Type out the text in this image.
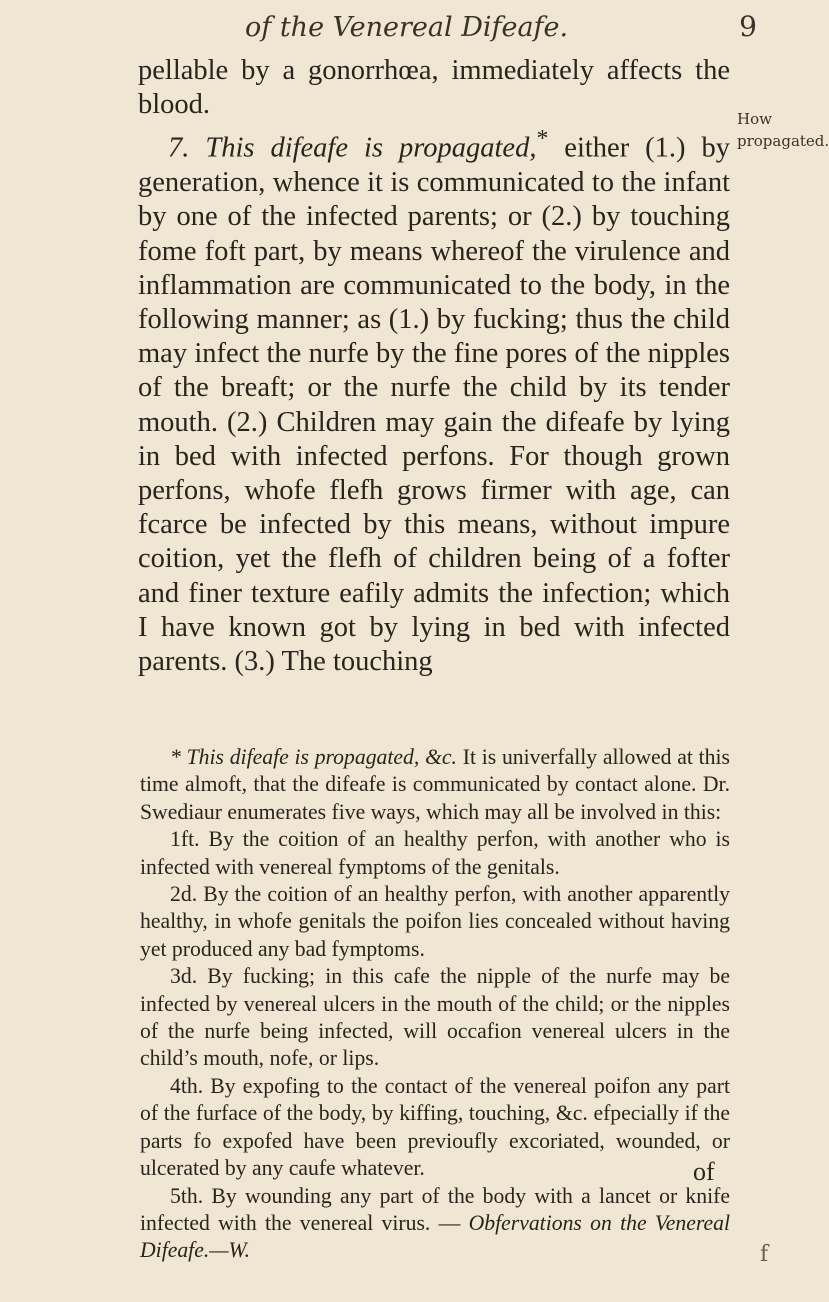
of the Venereal Difeafe.	9
How propagated.

pellable by a gonorrhœa, immediately affects the blood.

7. This difeafe is propagated,* either (1.) by generation, whence it is communicated to the infant by one of the infected parents; or (2.) by touching fome foft part, by means whereof the virulence and inflammation are communicated to the body, in the following manner; as (1.) by fucking; thus the child may infect the nurfe by the fine pores of the nipples of the breaft; or the nurfe the child by its tender mouth. (2.) Children may gain the difeafe by lying in bed with infected perfons. For though grown perfons, whofe flefh grows firmer with age, can fcarce be infected by this means, without impure coition, yet the flefh of children being of a fofter and finer texture eafily admits the infection; which I have known got by lying in bed with infected parents. (3.) The touching

* This difeafe is propagated, &c. It is univerfally allowed at this time almoft, that the difeafe is communicated by contact alone. Dr. Swediaur enumerates five ways, which may all be involved in this:

1ft. By the coition of an healthy perfon, with another who is infected with venereal fymptoms of the genitals.

2d. By the coition of an healthy perfon, with another apparently healthy, in whofe genitals the poifon lies concealed without having yet produced any bad fymptoms.

3d. By fucking; in this cafe the nipple of the nurfe may be infected by venereal ulcers in the mouth of the child; or the nipples of the nurfe being infected, will occafion venereal ulcers in the child’s mouth, nofe, or lips.

4th. By expofing to the contact of the venereal poifon any part of the furface of the body, by kiffing, touching, &c. efpecially if the parts fo expofed have been previoufly excoriated, wounded, or ulcerated by any caufe whatever.

5th. By wounding any part of the body with a lancet or knife infected with the venereal virus. — Obfervations on the Venereal Difeafe.—W.

of
f
